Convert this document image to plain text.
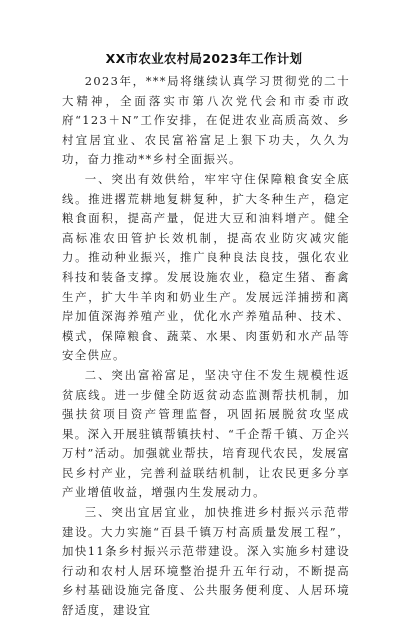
XX市农业农村局2023年工作计划

2023年，***局将继续认真学习贯彻党的二十大精神，全面落实市第八次党代会和市委市政府“123＋N”工作安排，在促进农业高质高效、乡村宜居宜业、农民富裕富足上狠下功夫，久久为功，奋力推动**乡村全面振兴。

一、突出有效供给，牢牢守住保障粮食安全底线。推进撂荒耕地复耕复种，扩大冬种生产，稳定粮食面积，提高产量，促进大豆和油料增产。健全高标准农田管护长效机制，提高农业防灾减灾能力。推动种业振兴，推广良种良法良技，强化农业科技和装备支撑。发展设施农业，稳定生猪、畜禽生产，扩大牛羊肉和奶业生产。发展远洋捕捞和离岸加值深海养殖产业，优化水产养殖品种、技术、模式，保障粮食、蔬菜、水果、肉蛋奶和水产品等安全供应。

二、突出富裕富足，坚决守住不发生规模性返贫底线。进一步健全防返贫动态监测帮扶机制，加强扶贫项目资产管理监督，巩固拓展脱贫攻坚成果。深入开展驻镇帮镇扶村、“千企帮千镇、万企兴万村”活动。加强就业帮扶，培育现代农民，发展富民乡村产业，完善利益联结机制，让农民更多分享产业增值收益，增强内生发展动力。

三、突出宜居宜业，加快推进乡村振兴示范带建设。大力实施“百县千镇万村高质量发展工程”，加快11条乡村振兴示范带建设。深入实施乡村建设行动和农村人居环境整治提升五年行动，不断提高乡村基础设施完备度、公共服务便利度、人居环境舒适度，建设宜
